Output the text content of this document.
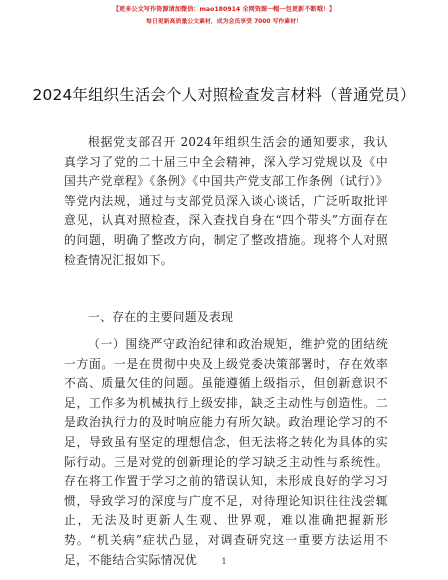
【更多公文写作资源请加微信：mao180914 全网资源一帽一包更新不断哦！】
每日更新高质量公文素材，成为会员享受 7000 写作素材！
2024年组织生活会个人对照检查发言材料（普通党员）
根据党支部召开 2024年组织生活会的通知要求，我认真学习了党的二十届三中全会精神，深入学习党规以及《中国共产党章程》《条例》《中国共产党支部工作条例（试行）》等党内法规，通过与支部党员深入谈心谈话，广泛听取批评意见，认真对照检查，深入查找自身在“四个带头”方面存在的问题，明确了整改方向，制定了整改措施。现将个人对照检查情况汇报如下。
一、存在的主要问题及表现
（一）围绕严守政治纪律和政治规矩，维护党的团结统一方面。一是在贯彻中央及上级党委决策部署时，存在效率不高、质量欠佳的问题。虽能遵循上级指示，但创新意识不足，工作多为机械执行上级安排，缺乏主动性与创造性。二是政治执行力的及时响应能力有所欠缺。政治理论学习的不足，导致虽有坚定的理想信念，但无法将之转化为具体的实际行动。三是对党的创新理论的学习缺乏主动性与系统性。存在将工作置于学习之前的错误认知，未形成良好的学习习惯，导致学习的深度与广度不足，对待理论知识往往浅尝辄止，无法及时更新人生观、世界观，难以准确把握新形势。“机关病”症状凸显，对调查研究这一重要方法运用不足，不能结合实际情况优	1
